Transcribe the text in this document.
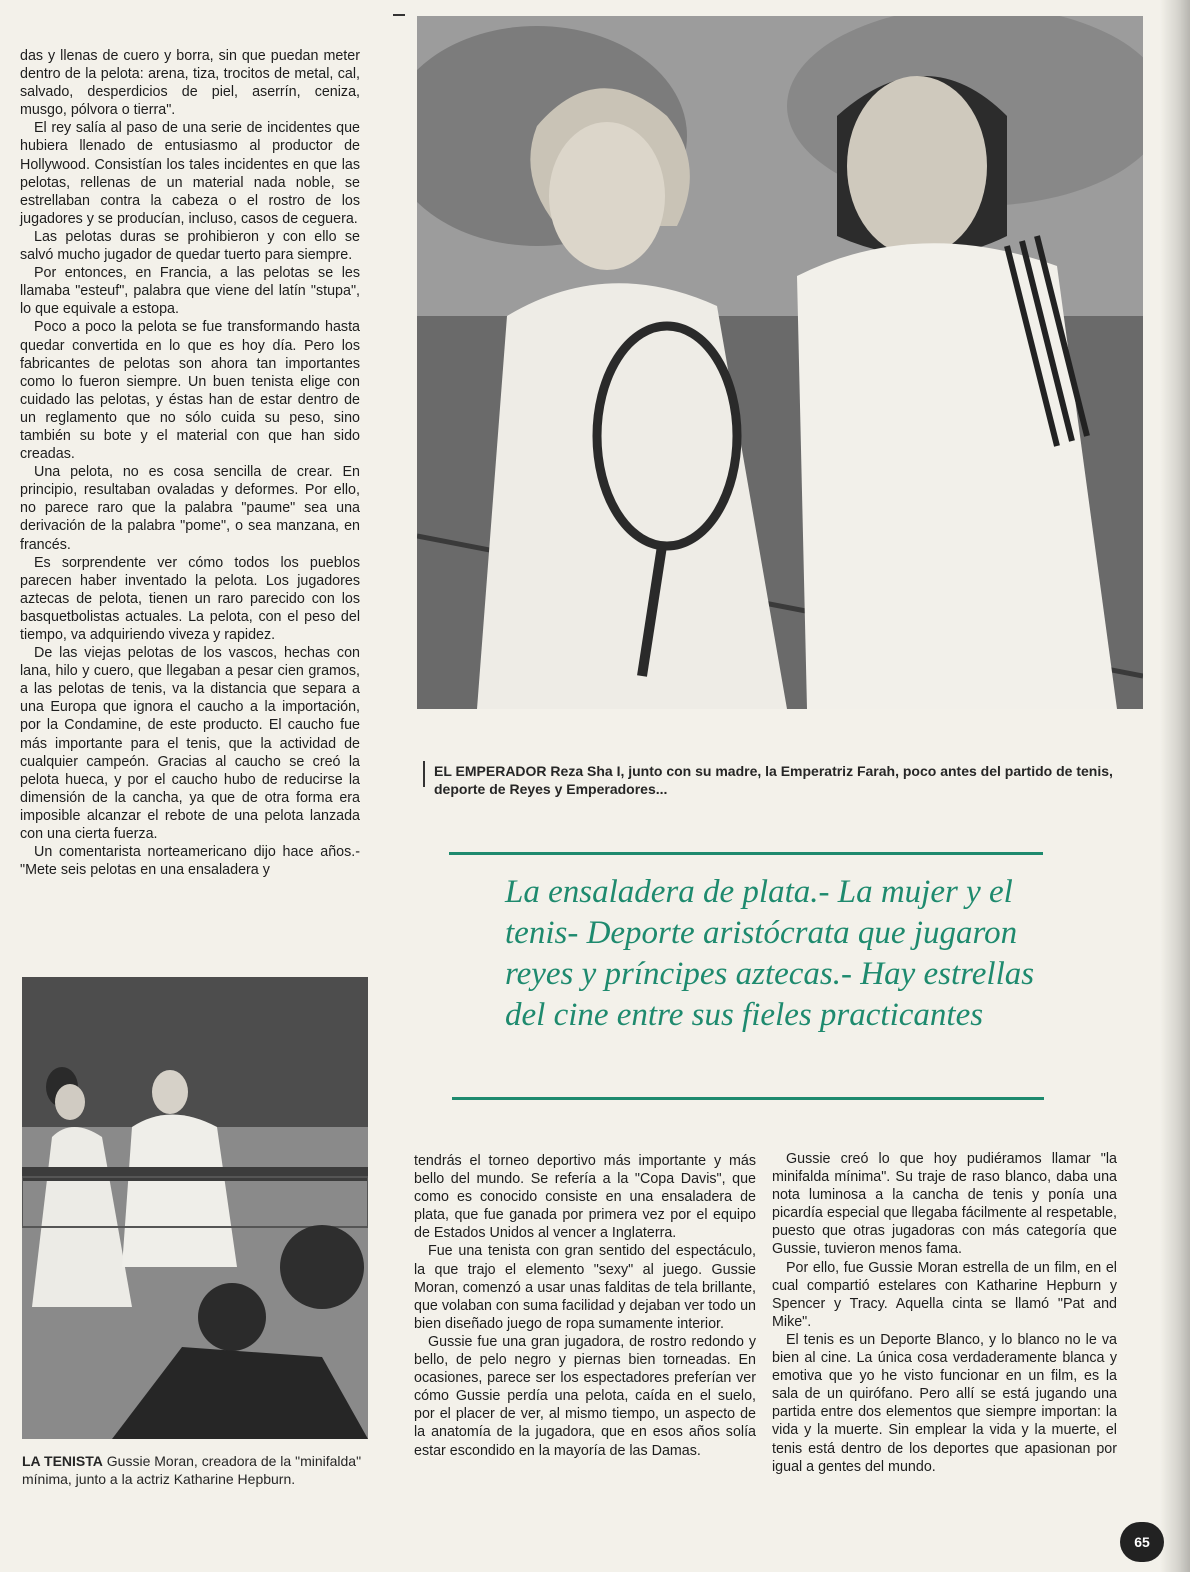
das y llenas de cuero y borra, sin que puedan meter dentro de la pelota: arena, tiza, trocitos de metal, cal, salvado, desperdicios de piel, aserrín, ceniza, musgo, pólvora o tierra".

El rey salía al paso de una serie de incidentes que hubiera llenado de entusiasmo al productor de Hollywood. Consistían los tales incidentes en que las pelotas, rellenas de un material nada noble, se estrellaban contra la cabeza o el rostro de los jugadores y se producían, incluso, casos de ceguera.

Las pelotas duras se prohibieron y con ello se salvó mucho jugador de quedar tuerto para siempre.

Por entonces, en Francia, a las pelotas se les llamaba "esteuf", palabra que viene del latín "stupa", lo que equivale a estopa.

Poco a poco la pelota se fue transformando hasta quedar convertida en lo que es hoy día. Pero los fabricantes de pelotas son ahora tan importantes como lo fueron siempre. Un buen tenista elige con cuidado las pelotas, y éstas han de estar dentro de un reglamento que no sólo cuida su peso, sino también su bote y el material con que han sido creadas.

Una pelota, no es cosa sencilla de crear. En principio, resultaban ovaladas y deformes. Por ello, no parece raro que la palabra "paume" sea una derivación de la palabra "pome", o sea manzana, en francés.

Es sorprendente ver cómo todos los pueblos parecen haber inventado la pelota. Los jugadores aztecas de pelota, tienen un raro parecido con los basquetbolistas actuales. La pelota, con el peso del tiempo, va adquiriendo viveza y rapidez.

De las viejas pelotas de los vascos, hechas con lana, hilo y cuero, que llegaban a pesar cien gramos, a las pelotas de tenis, va la distancia que separa a una Europa que ignora el caucho a la importación, por la Condamine, de este producto. El caucho fue más importante para el tenis, que la actividad de cualquier campeón. Gracias al caucho se creó la pelota hueca, y por el caucho hubo de reducirse la dimensión de la cancha, ya que de otra forma era imposible alcanzar el rebote de una pelota lanzada con una cierta fuerza.

Un comentarista norteamericano dijo hace años.- "Mete seis pelotas en una ensaladera y

EL EMPERADOR Reza Sha I, junto con su madre, la Emperatriz Farah, poco antes del partido de tenis, deporte de Reyes y Emperadores...
La ensaladera de plata.- La mujer y el tenis- Deporte aristócrata que jugaron reyes y príncipes aztecas.- Hay estrellas del cine entre sus fieles practicantes
LA TENISTA Gussie Moran, creadora de la "minifalda" mínima, junto a la actriz Katharine Hepburn.

tendrás el torneo deportivo más importante y más bello del mundo. Se refería a la "Copa Davis", que como es conocido consiste en una ensaladera de plata, que fue ganada por primera vez por el equipo de Estados Unidos al vencer a Inglaterra.

Fue una tenista con gran sentido del espectáculo, la que trajo el elemento "sexy" al juego. Gussie Moran, comenzó a usar unas falditas de tela brillante, que volaban con suma facilidad y dejaban ver todo un bien diseñado juego de ropa sumamente interior.

Gussie fue una gran jugadora, de rostro redondo y bello, de pelo negro y piernas bien torneadas. En ocasiones, parece ser los espectadores preferían ver cómo Gussie perdía una pelota, caída en el suelo, por el placer de ver, al mismo tiempo, un aspecto de la anatomía de la jugadora, que en esos años solía estar escondido en la mayoría de las Damas.

Gussie creó lo que hoy pudiéramos llamar "la minifalda mínima". Su traje de raso blanco, daba una nota luminosa a la cancha de tenis y ponía una picardía especial que llegaba fácilmente al respetable, puesto que otras jugadoras con más categoría que Gussie, tuvieron menos fama.

Por ello, fue Gussie Moran estrella de un film, en el cual compartió estelares con Katharine Hepburn y Spencer y Tracy. Aquella cinta se llamó "Pat and Mike".

El tenis es un Deporte Blanco, y lo blanco no le va bien al cine. La única cosa verdaderamente blanca y emotiva que yo he visto funcionar en un film, es la sala de un quirófano. Pero allí se está jugando una partida entre dos elementos que siempre importan: la vida y la muerte. Sin emplear la vida y la muerte, el tenis está dentro de los deportes que apasionan por igual a gentes del mundo.

65
